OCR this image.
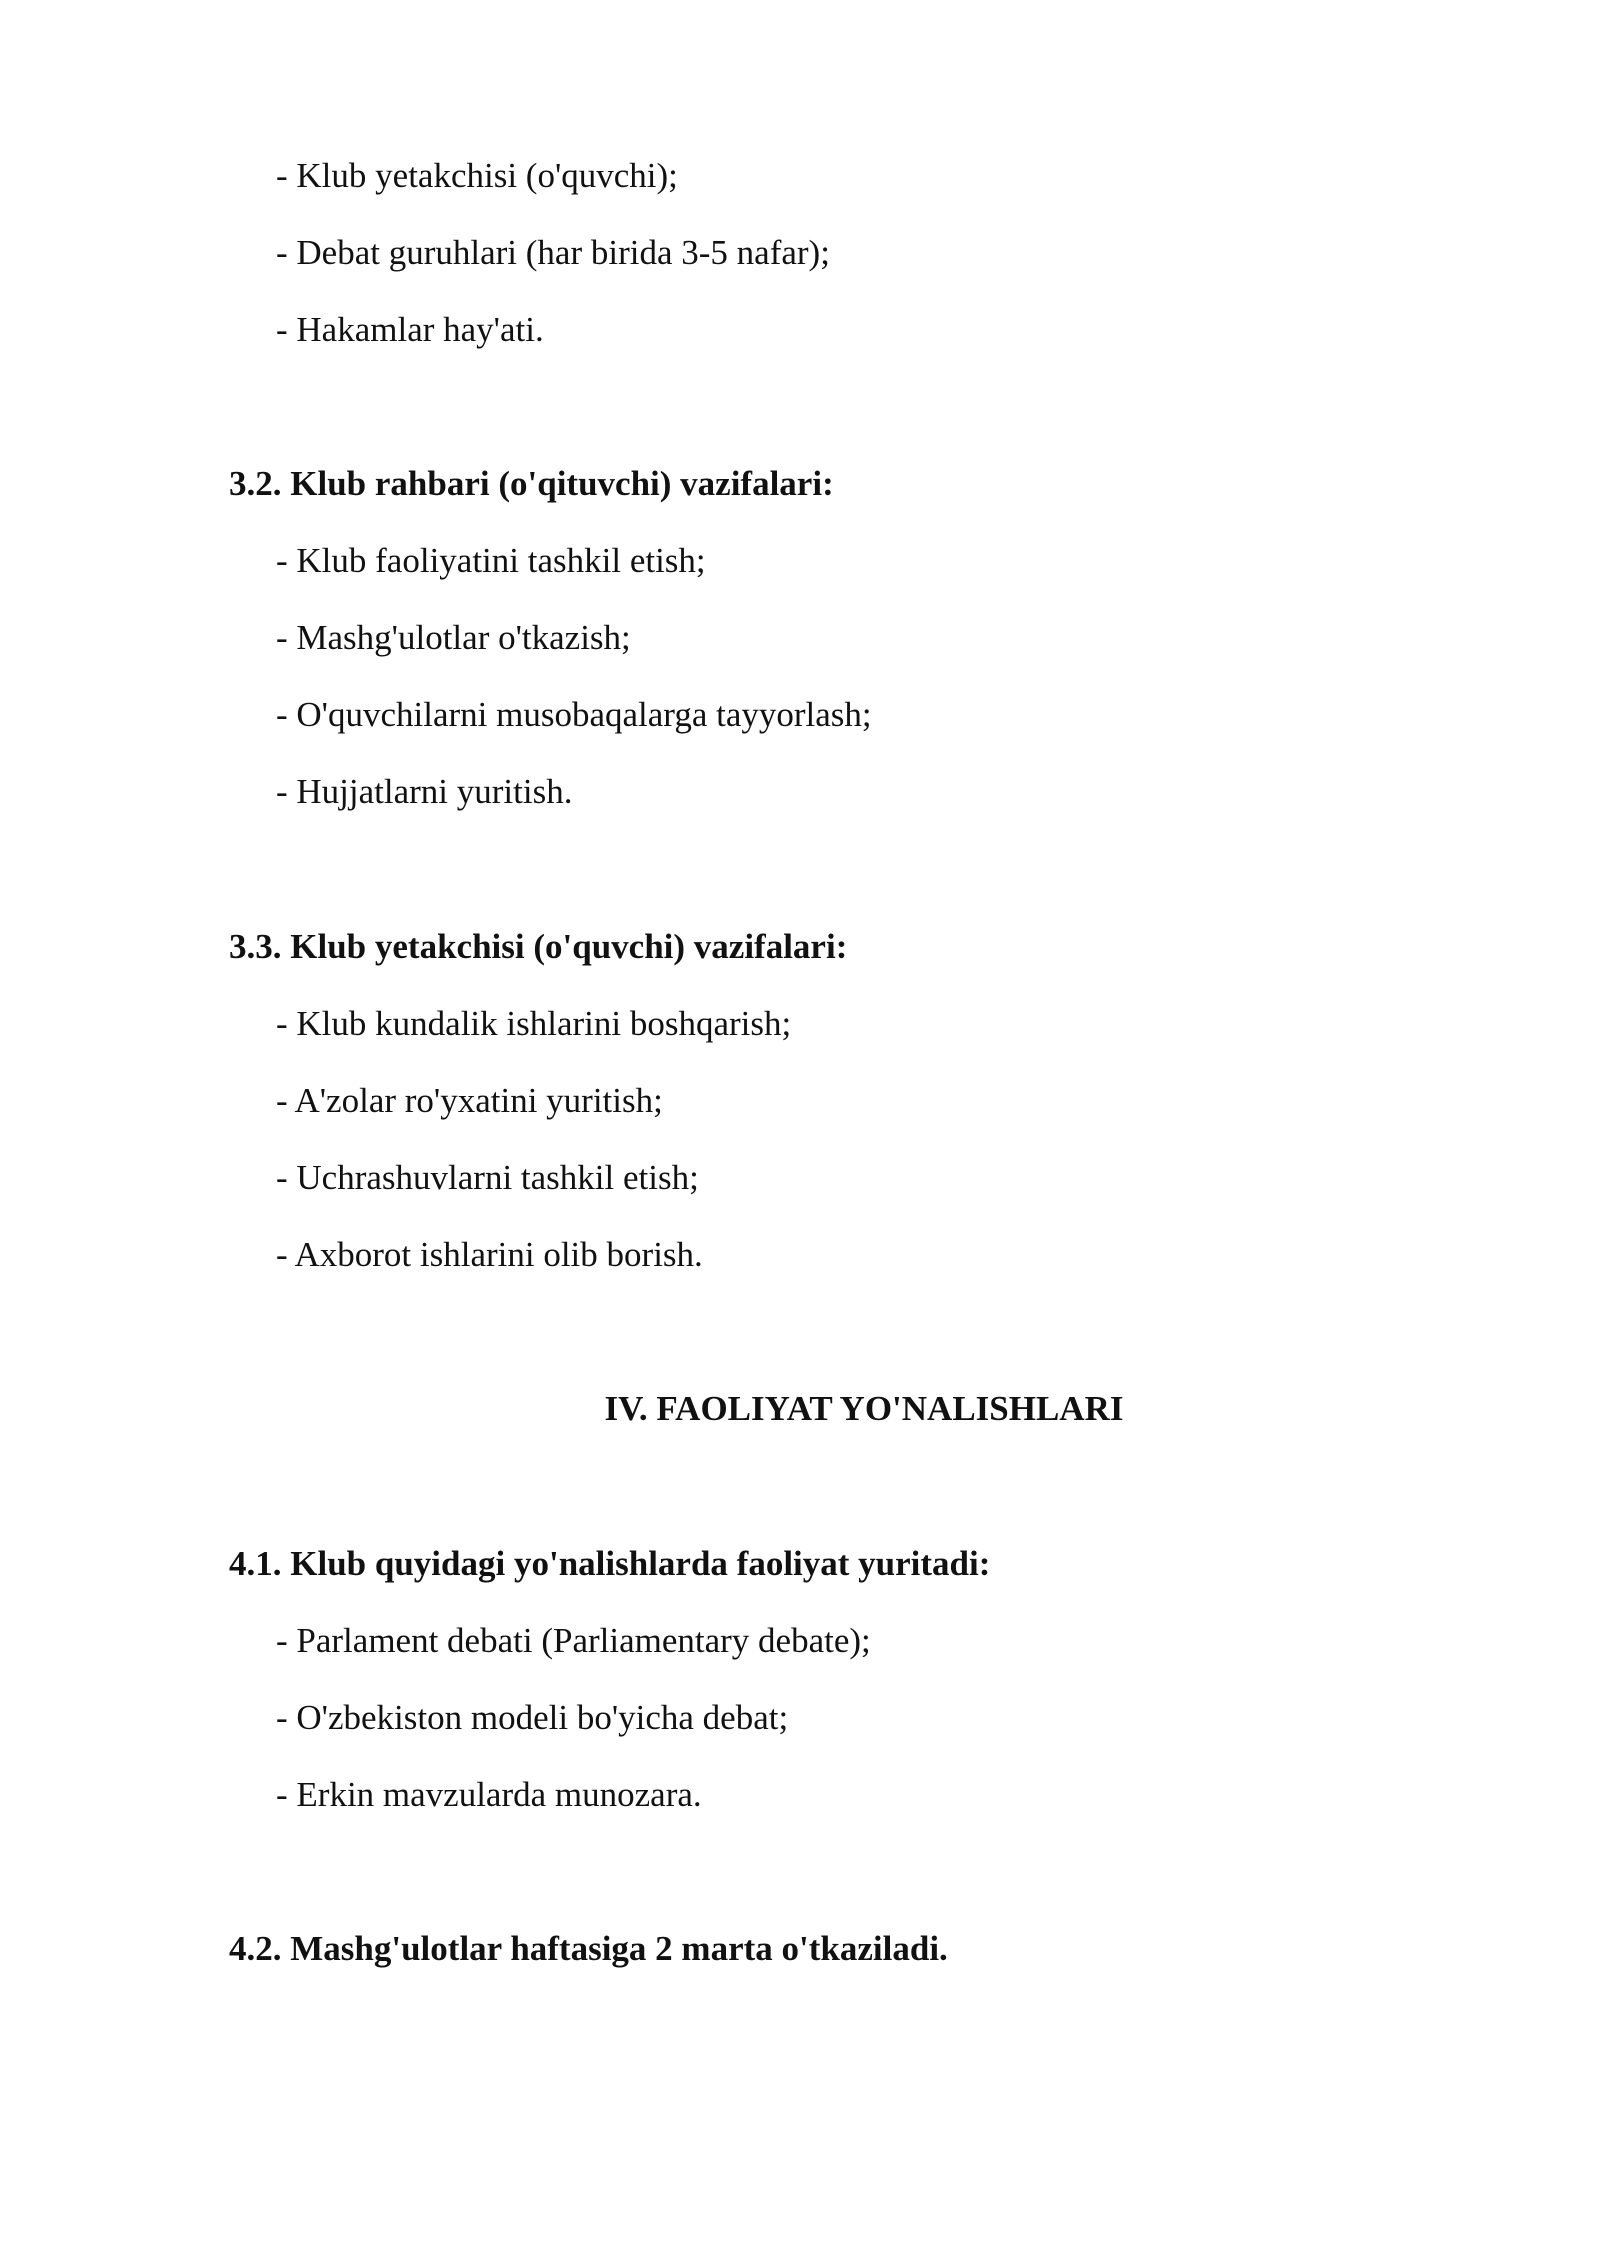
- Klub yetakchisi (o'quvchi);
- Debat guruhlari (har birida 3-5 nafar);
- Hakamlar hay'ati.
3.2. Klub rahbari (o'qituvchi) vazifalari:
- Klub faoliyatini tashkil etish;
- Mashg'ulotlar o'tkazish;
- O'quvchilarni musobaqalarga tayyorlash;
- Hujjatlarni yuritish.
3.3. Klub yetakchisi (o'quvchi) vazifalari:
- Klub kundalik ishlarini boshqarish;
- A'zolar ro'yxatini yuritish;
- Uchrashuvlarni tashkil etish;
- Axborot ishlarini olib borish.
IV. FAOLIYAT YO'NALISHLARI
4.1. Klub quyidagi yo'nalishlarda faoliyat yuritadi:
- Parlament debati (Parliamentary debate);
- O'zbekiston modeli bo'yicha debat;
- Erkin mavzularda munozara.
4.2. Mashg'ulotlar haftasiga 2 marta o'tkaziladi.
